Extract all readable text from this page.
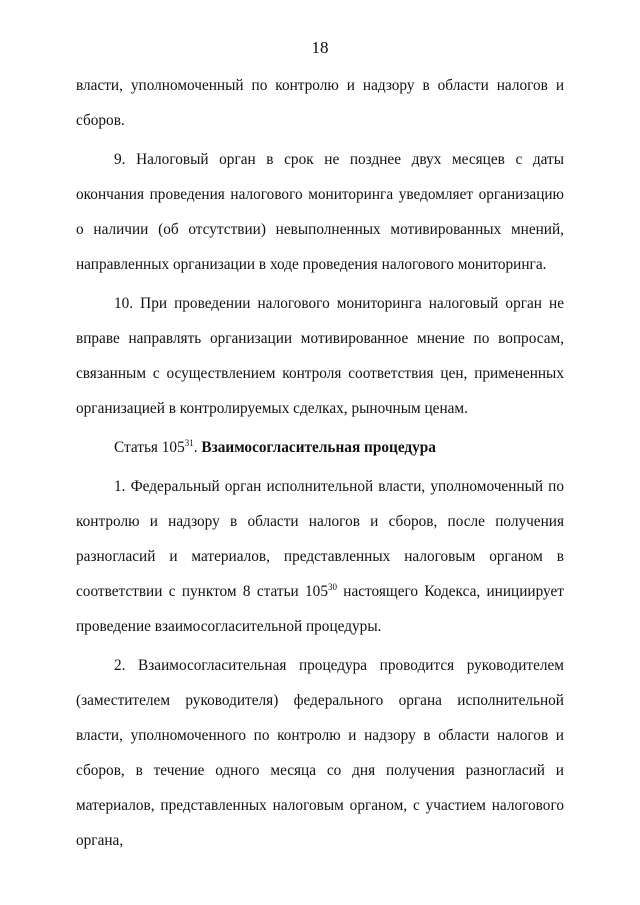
18

власти, уполномоченный по контролю и надзору в области налогов и сборов.

9. Налоговый орган в срок не позднее двух месяцев с даты окончания проведения налогового мониторинга уведомляет организацию о наличии (об отсутствии) невыполненных мотивированных мнений, направленных организации в ходе проведения налогового мониторинга.

10. При проведении налогового мониторинга налоговый орган не вправе направлять организации мотивированное мнение по вопросам, связанным с осуществлением контроля соответствия цен, примененных организацией в контролируемых сделках, рыночным ценам.

Статья $105^{31}$. Взаимосогласительная процедура

1. Федеральный орган исполнительной власти, уполномоченный по контролю и надзору в области налогов и сборов, после получения разногласий и материалов, представленных налоговым органом в соответствии с пунктом 8 статьи $105^{30}$ настоящего Кодекса, инициирует проведение взаимосогласительной процедуры.

2. Взаимосогласительная процедура проводится руководителем (заместителем руководителя) федерального органа исполнительной власти, уполномоченного по контролю и надзору в области налогов и сборов, в течение одного месяца со дня получения разногласий и материалов, представленных налоговым органом, с участием налогового органа,
